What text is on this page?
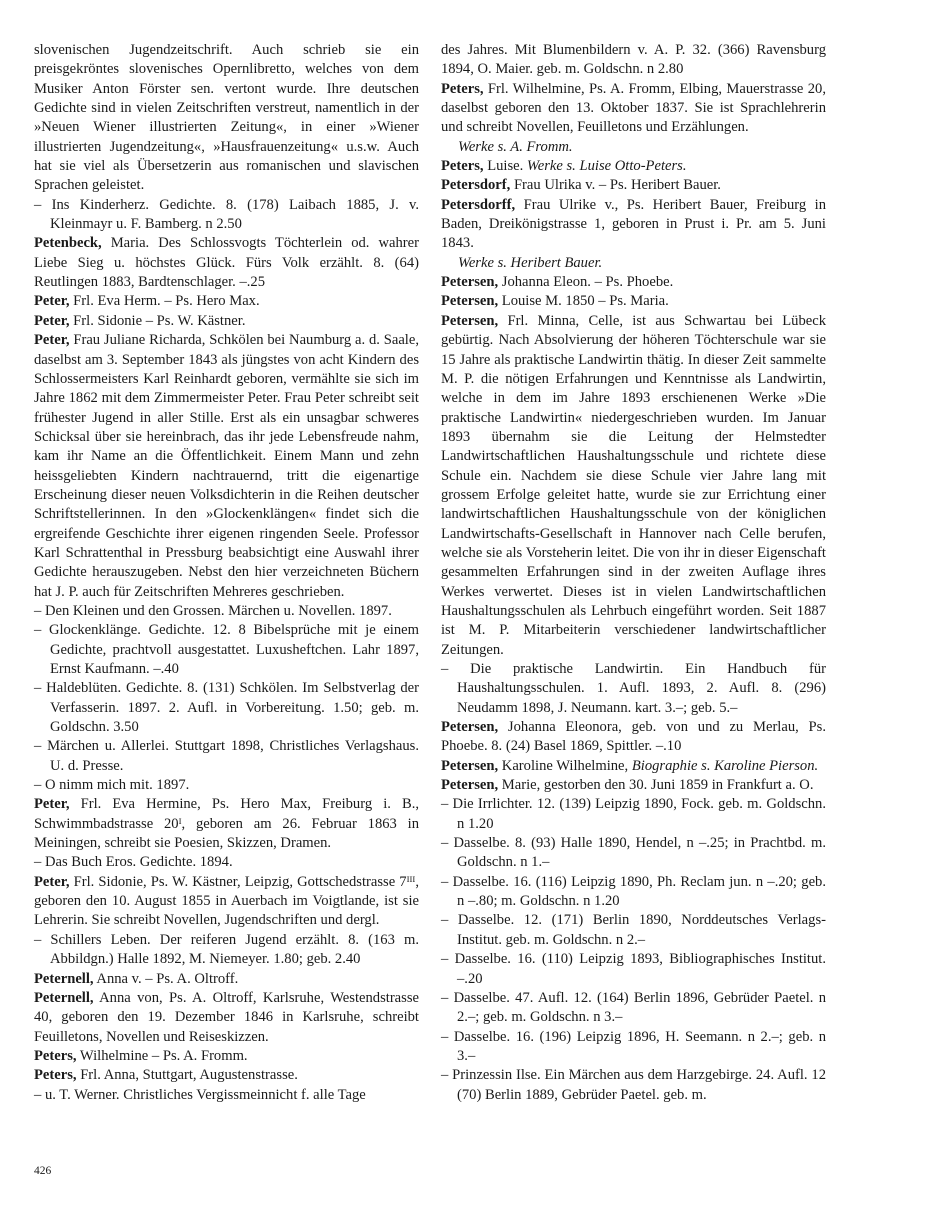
slovenischen Jugendzeitschrift. Auch schrieb sie ein preisgekröntes slovenisches Opernlibretto, welches von dem Musiker Anton Förster sen. vertont wurde. Ihre deutschen Gedichte sind in vielen Zeitschriften verstreut, namentlich in der »Neuen Wiener illustrierten Zeitung«, in einer »Wiener illustrierten Jugendzeitung«, »Hausfrauenzeitung« u.s.w. Auch hat sie viel als Übersetzerin aus romanischen und slavischen Sprachen geleistet.

– Ins Kinderherz. Gedichte. 8. (178) Laibach 1885, J. v. Kleinmayr u. F. Bamberg. n 2.50

Petenbeck, Maria. Des Schlossvogts Töchterlein od. wahrer Liebe Sieg u. höchstes Glück. Fürs Volk erzählt. 8. (64) Reutlingen 1883, Bardtenschlager. –.25

Peter, Frl. Eva Herm. – Ps. Hero Max.

Peter, Frl. Sidonie – Ps. W. Kästner.

Peter, Frau Juliane Richarda, Schkölen bei Naumburg a. d. Saale, daselbst am 3. September 1843 als jüngstes von acht Kindern des Schlossermeisters Karl Reinhardt geboren, vermählte sie sich im Jahre 1862 mit dem Zimmermeister Peter. Frau Peter schreibt seit frühester Jugend in aller Stille. Erst als ein unsagbar schweres Schicksal über sie hereinbrach, das ihr jede Lebensfreude nahm, kam ihr Name an die Öffentlichkeit. Einem Mann und zehn heissgeliebten Kindern nachtrauernd, tritt die eigenartige Erscheinung dieser neuen Volksdichterin in die Reihen deutscher Schriftstellerinnen. In den »Glockenklängen« findet sich die ergreifende Geschichte ihrer eigenen ringenden Seele. Professor Karl Schrattenthal in Pressburg beabsichtigt eine Auswahl ihrer Gedichte herauszugeben. Nebst den hier verzeichneten Büchern hat J. P. auch für Zeitschriften Mehreres geschrieben.

– Den Kleinen und den Grossen. Märchen u. Novellen. 1897.

– Glockenklänge. Gedichte. 12. 8 Bibelsprüche mit je einem Gedichte, prachtvoll ausgestattet. Luxusheftchen. Lahr 1897, Ernst Kaufmann. –.40

– Haldeblüten. Gedichte. 8. (131) Schkölen. Im Selbstverlag der Verfasserin. 1897. 2. Aufl. in Vorbereitung. 1.50; geb. m. Goldschn. 3.50

– Märchen u. Allerlei. Stuttgart 1898, Christliches Verlagshaus. U. d. Presse.

– O nimm mich mit. 1897.

Peter, Frl. Eva Hermine, Ps. Hero Max, Freiburg i. B., Schwimmbadstrasse 20ᴵ, geboren am 26. Februar 1863 in Meiningen, schreibt sie Poesien, Skizzen, Dramen.

– Das Buch Eros. Gedichte. 1894.

Peter, Frl. Sidonie, Ps. W. Kästner, Leipzig, Gottschedstrasse 7ᴵᴵᴵ, geboren den 10. August 1855 in Auerbach im Voigtlande, ist sie Lehrerin. Sie schreibt Novellen, Jugendschriften und dergl.

– Schillers Leben. Der reiferen Jugend erzählt. 8. (163 m. Abbildgn.) Halle 1892, M. Niemeyer. 1.80; geb. 2.40

Peternell, Anna v. – Ps. A. Oltroff.

Peternell, Anna von, Ps. A. Oltroff, Karlsruhe, Westendstrasse 40, geboren den 19. Dezember 1846 in Karlsruhe, schreibt Feuilletons, Novellen und Reiseskizzen.

Peters, Wilhelmine – Ps. A. Fromm.

Peters, Frl. Anna, Stuttgart, Augustenstrasse.

– u. T. Werner. Christliches Vergissmeinnicht f. alle Tage

des Jahres. Mit Blumenbildern v. A. P. 32. (366) Ravensburg 1894, O. Maier. geb. m. Goldschn. n 2.80

Peters, Frl. Wilhelmine, Ps. A. Fromm, Elbing, Mauerstrasse 20, daselbst geboren den 13. Oktober 1837. Sie ist Sprachlehrerin und schreibt Novellen, Feuilletons und Erzählungen.

Werke s. A. Fromm.

Peters, Luise. Werke s. Luise Otto-Peters.

Petersdorf, Frau Ulrika v. – Ps. Heribert Bauer.

Petersdorff, Frau Ulrike v., Ps. Heribert Bauer, Freiburg in Baden, Dreikönigstrasse 1, geboren in Prust i. Pr. am 5. Juni 1843.

Werke s. Heribert Bauer.

Petersen, Johanna Eleon. – Ps. Phoebe.

Petersen, Louise M. 1850 – Ps. Maria.

Petersen, Frl. Minna, Celle, ist aus Schwartau bei Lübeck gebürtig. Nach Absolvierung der höheren Töchterschule war sie 15 Jahre als praktische Landwirtin thätig. In dieser Zeit sammelte M. P. die nötigen Erfahrungen und Kenntnisse als Landwirtin, welche in dem im Jahre 1893 erschienenen Werke »Die praktische Landwirtin« niedergeschrieben wurden. Im Januar 1893 übernahm sie die Leitung der Helmstedter Landwirtschaftlichen Haushaltungsschule und richtete diese Schule ein. Nachdem sie diese Schule vier Jahre lang mit grossem Erfolge geleitet hatte, wurde sie zur Errichtung einer landwirtschaftlichen Haushaltungsschule von der königlichen Landwirtschafts-Gesellschaft in Hannover nach Celle berufen, welche sie als Vorsteherin leitet. Die von ihr in dieser Eigenschaft gesammelten Erfahrungen sind in der zweiten Auflage ihres Werkes verwertet. Dieses ist in vielen Landwirtschaftlichen Haushaltungsschulen als Lehrbuch eingeführt worden. Seit 1887 ist M. P. Mitarbeiterin verschiedener landwirtschaftlicher Zeitungen.

– Die praktische Landwirtin. Ein Handbuch für Haushaltungsschulen. 1. Aufl. 1893, 2. Aufl. 8. (296) Neudamm 1898, J. Neumann. kart. 3.–; geb. 5.–

Petersen, Johanna Eleonora, geb. von und zu Merlau, Ps. Phoebe. 8. (24) Basel 1869, Spittler. –.10

Petersen, Karoline Wilhelmine, Biographie s. Karoline Pierson.

Petersen, Marie, gestorben den 30. Juni 1859 in Frankfurt a. O.

– Die Irrlichter. 12. (139) Leipzig 1890, Fock. geb. m. Goldschn. n 1.20

– Dasselbe. 8. (93) Halle 1890, Hendel, n –.25; in Prachtbd. m. Goldschn. n 1.–

– Dasselbe. 16. (116) Leipzig 1890, Ph. Reclam jun. n –.20; geb. n –.80; m. Goldschn. n 1.20

– Dasselbe. 12. (171) Berlin 1890, Norddeutsches Verlags-Institut. geb. m. Goldschn. n 2.–

– Dasselbe. 16. (110) Leipzig 1893, Bibliographisches Institut. –.20

– Dasselbe. 47. Aufl. 12. (164) Berlin 1896, Gebrüder Paetel. n 2.–; geb. m. Goldschn. n 3.–

– Dasselbe. 16. (196) Leipzig 1896, H. Seemann. n 2.–; geb. n 3.–

– Prinzessin Ilse. Ein Märchen aus dem Harzgebirge. 24. Aufl. 12 (70) Berlin 1889, Gebrüder Paetel. geb. m.

426
